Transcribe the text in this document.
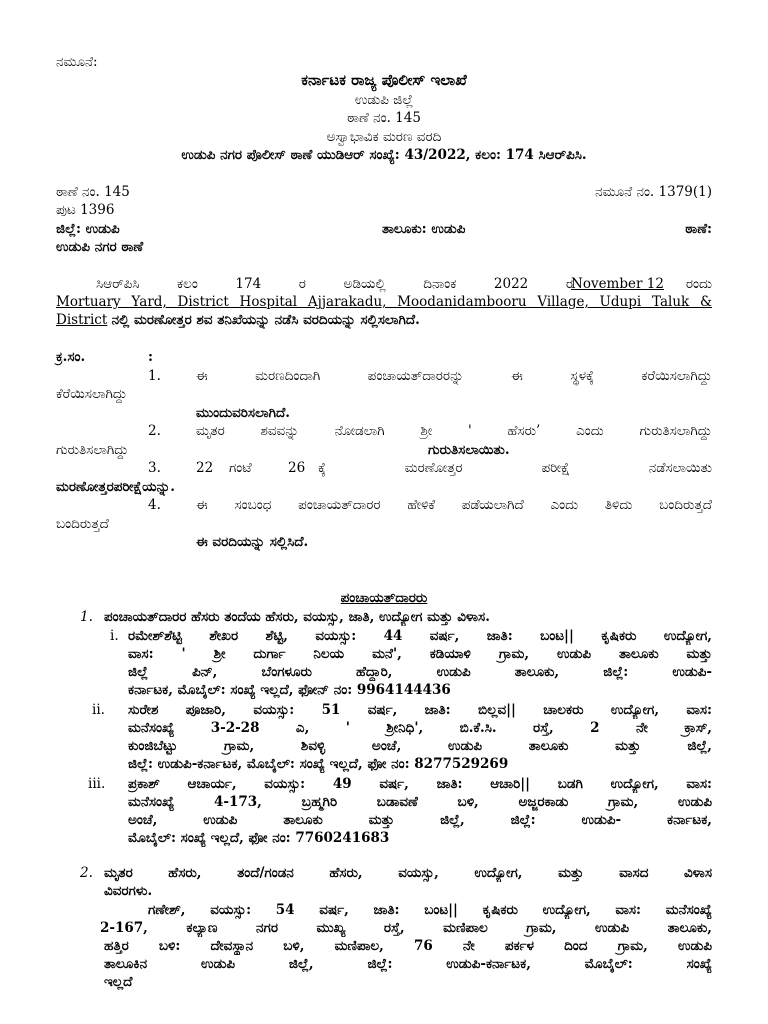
ನಮೂನೆ:
ಕರ್ನಾಟಕ ರಾಜ್ಯ ಪೊಲೀಸ್ ಇಲಾಖೆ
ಉಡುಪಿ ಜಿಲ್ಲೆ
ಠಾಣೆ ನಂ. 145
ಅಸ್ವಾಭಾವಿಕ ಮರಣ ವರದಿ
ಉಡುಪಿ ನಗರ ಪೊಲೀಸ್ ಠಾಣೆ ಯುಡಿಆರ್ ಸಂಖ್ಯೆ: 43/2022, ಕಲಂ: 174 ಸಿಆರ್‌ಪಿಸಿ.
ಠಾಣೆ ನಂ. 145	ನಮೂನೆ ನಂ. 1379(1)
ಪುಟ 1396
ಜಿಲ್ಲೆ: ಉಡುಪಿ	ತಾಲೂಕು: ಉಡುಪಿ	ಠಾಣೆ:
ಉಡುಪಿ ನಗರ ಠಾಣೆ
ಸಿಆರ್‌ಪಿಸಿ ಕಲಂ 174 ರ ಅಡಿಯಲ್ಲಿ ದಿನಾಂಕ 2022 ರ
November 12 ರಂದು
Mortuary Yard, District Hospital Ajjarakadu, Moodanidambooru Village, Udupi Taluk &
District ನಲ್ಲಿ ಮರಣೋತ್ತರ ಶವ ತನಿಖೆಯನ್ನು ನಡೆಸಿ ವರದಿಯನ್ನು ಸಲ್ಲಿಸಲಾಗಿದೆ.
ಕ್ರ.ಸಂ.	:
1.	ಈ ಮರಣದಿಂದಾಗಿ ಪಂಚಾಯತ್‌ದಾರರನ್ನು ಈ ಸ್ಥಳಕ್ಕೆ ಕರೆಯಿಸಲಾಗಿದ್ದು
ಕೆರೆಯಿಸಲಾಗಿದ್ದು
ಮುಂದುವರಿಸಲಾಗಿದೆ.
2.	ಮೃತರ ಶವವನ್ನು ನೋಡಲಾಗಿ ಶ್ರೀ ' ಹೆಸರು’ ಎಂದು ಗುರುತಿಸಲಾಗಿದ್ದು
ಗುರುತಿಸಲಾಗಿದ್ದು	ಗುರುತಿಸಲಾಯಿತು.
3.	22 ಗಂಟೆ	26 ಕ್ಕೆ ಮರಣೋತ್ತರ ಪರೀಕ್ಷೆ ನಡೆಸಲಾಯಿತು
ಮರಣೋತ್ತರಪರೀಕ್ಷೆಯನ್ನು.
4.	ಈ ಸಂಬಂಧ ಪಂಚಾಯತ್‌ದಾರರ ಹೇಳಿಕೆ ಪಡೆಯಲಾಗಿದೆ ಎಂದು ತಿಳಿದು ಬಂದಿರುತ್ತದೆ
ಬಂದಿರುತ್ತದೆ
ಈ ವರದಿಯನ್ನು ಸಲ್ಲಿಸಿದೆ.
ಪಂಚಾಯತ್‌ದಾರರು
1. ಪಂಚಾಯತ್‌ದಾರರ ಹೆಸರು ತಂದೆಯ ಹೆಸರು, ವಯಸ್ಸು, ಜಾತಿ, ಉದ್ಯೋಗ ಮತ್ತು ವಿಳಾಸ.
i. ರಮೇಶ್‌ಶೆಟ್ಟಿ ಶೇಖರ ಶೆಟ್ಟಿ, ವಯಸ್ಸು: 44 ವರ್ಷ, ಜಾತಿ: ಬಂಟ|| ಕೃಷಿಕರು ಉದ್ಯೋಗ,
ವಾಸ: ' ಶ್ರೀ ದುರ್ಗಾ ನಿಲಯ ಮನೆ', ಕಡಿಯಾಳಿ ಗ್ರಾಮ, ಉಡುಪಿ ತಾಲೂಕು ಮತ್ತು
ಜಿಲ್ಲೆ ಪಿನ್, ಬೆಂಗಳೂರು ಹೆದ್ದಾರಿ, ಉಡುಪಿ ತಾಲೂಕು, ಜಿಲ್ಲೆ: ಉಡುಪಿ-
ಕರ್ನಾಟಕ, ಮೊಬೈಲ್: ಸಂಖ್ಯೆ ಇಲ್ಲದೆ, ಫೋನ್ ನಂ: 9964144436
ii. ಸುರೇಶ ಪೂಜಾರಿ, ವಯಸ್ಸು: 51 ವರ್ಷ, ಜಾತಿ: ಬಿಲ್ಲವ|| ಚಾಲಕರು ಉದ್ಯೋಗ, ವಾಸ:
ಮನೆಸಂಖ್ಯೆ 3-2-28 ಎ, ' ಶ್ರೀನಿಧಿ', ಬಿ.ಕೆ.ಸಿ. ರಸ್ತೆ, 2 ನೇ ಕ್ರಾಸ್‌,
ಕುಂಜಿಬೆಟ್ಟು ಗ್ರಾಮ, ಶಿವಳ್ಳಿ ಅಂಚೆ, ಉಡುಪಿ ತಾಲೂಕು ಮತ್ತು ಜಿಲ್ಲೆ,
ಜಿಲ್ಲೆ: ಉಡುಪಿ-ಕರ್ನಾಟಕ, ಮೊಬೈಲ್: ಸಂಖ್ಯೆ ಇಲ್ಲದೆ, ಫೋ ನಂ: 8277529269
iii. ಪ್ರಕಾಶ್‌ ಆಚಾರ್ಯ, ವಯಸ್ಸು: 49 ವರ್ಷ, ಜಾತಿ: ಆಚಾರಿ|| ಬಡಗಿ ಉದ್ಯೋಗ, ವಾಸ:
ಮನೆಸಂಖ್ಯೆ 4-173, ಬ್ರಹ್ಮಗಿರಿ ಬಡಾವಣೆ ಬಳಿ, ಅಜ್ಜರಕಾಡು ಗ್ರಾಮ, ಉಡುಪಿ
ಅಂಚೆ, ಉಡುಪಿ ತಾಲೂಕು ಮತ್ತು ಜಿಲ್ಲೆ, ಜಿಲ್ಲೆ: ಉಡುಪಿ- ಕರ್ನಾಟಕ,
ಮೊಬೈಲ್: ಸಂಖ್ಯೆ ಇಲ್ಲದೆ, ಫೋ ನಂ: 7760241683
2. ಮೃತರ ಹೆಸರು, ತಂದೆ/ಗಂಡನ ಹೆಸರು, ವಯಸ್ಸು, ಉದ್ಯೋಗ, ಮತ್ತು ವಾಸದ ವಿಳಾಸ
ವಿವರಗಳು.
ಗಣೇಶ್‌, ವಯಸ್ಸು: 54 ವರ್ಷ, ಜಾತಿ: ಬಂಟ|| ಕೃಷಿಕರು ಉದ್ಯೋಗ, ವಾಸ: ಮನೆಸಂಖ್ಯೆ
2-167, ಕಲ್ಯಾಣ ನಗರ ಮುಖ್ಯ ರಸ್ತೆ, ಮಣಿಪಾಲ ಗ್ರಾಮ, ಉಡುಪಿ ತಾಲೂಕು,
ಹತ್ತಿರ ಬಳಿ: ದೇವಸ್ಥಾನ ಬಳಿ, ಮಣಿಪಾಲ, 76 ನೇ ಪರ್ಕಳ ದಿಂದ ಗ್ರಾಮ, ಉಡುಪಿ
ತಾಲೂಕಿನ ಉಡುಪಿ ಜಿಲ್ಲೆ, ಜಿಲ್ಲೆ: ಉಡುಪಿ-ಕರ್ನಾಟಕ, ಮೊಬೈಲ್: ಸಂಖ್ಯೆ
ಇಲ್ಲದೆ
